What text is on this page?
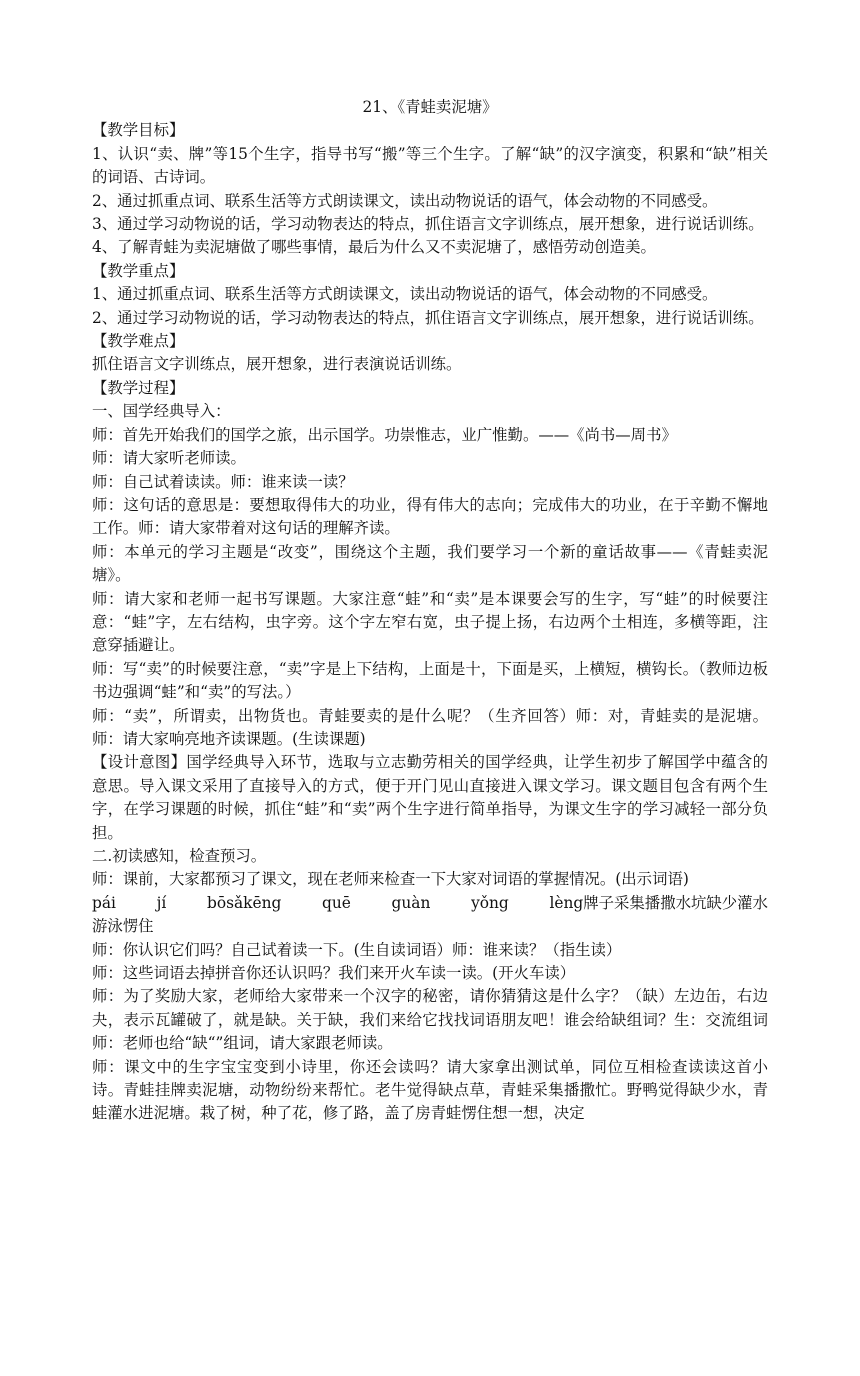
21、《青蛙卖泥塘》

【教学目标】

1、认识“卖、牌”等15个生字，指导书写“搬”等三个生字。了解“缺”的汉字演变，积累和“缺”相关的词语、古诗词。

2、通过抓重点词、联系生活等方式朗读课文，读出动物说话的语气，体会动物的不同感受。

3、通过学习动物说的话，学习动物表达的特点，抓住语言文字训练点，展开想象，进行说话训练。

4、了解青蛙为卖泥塘做了哪些事情，最后为什么又不卖泥塘了，感悟劳动创造美。

【教学重点】

1、通过抓重点词、联系生活等方式朗读课文，读出动物说话的语气，体会动物的不同感受。

2、通过学习动物说的话，学习动物表达的特点，抓住语言文字训练点，展开想象，进行说话训练。

【教学难点】

抓住语言文字训练点，展开想象，进行表演说话训练。

【教学过程】

一、国学经典导入：

师：首先开始我们的国学之旅，出示国学。功崇惟志，业广惟勤。——《尚书—周书》

师：请大家听老师读。

师：自己试着读读。师：谁来读一读？

师：这句话的意思是：要想取得伟大的功业，得有伟大的志向；完成伟大的功业，在于辛勤不懈地工作。师：请大家带着对这句话的理解齐读。

师：本单元的学习主题是“改变”，围绕这个主题，我们要学习一个新的童话故事——《青蛙卖泥塘》。

师：请大家和老师一起书写课题。大家注意“蛙”和“卖”是本课要会写的生字，写“蛙”的时候要注意：“蛙”字，左右结构，虫字旁。这个字左窄右宽，虫子提上扬，右边两个土相连，多横等距，注意穿插避让。

师：写“卖”的时候要注意，“卖”字是上下结构，上面是十，下面是买，上横短，横钩长。（教师边板书边强调“蛙”和“卖”的写法。）

师：“卖”，所谓卖，出物货也。青蛙要卖的是什么呢？（生齐回答）师：对，青蛙卖的是泥塘。师：请大家响亮地齐读课题。(生读课题)

【设计意图】国学经典导入环节，选取与立志勤劳相关的国学经典，让学生初步了解国学中蕴含的意思。导入课文采用了直接导入的方式，便于开门见山直接进入课文学习。课文题目包含有两个生字，在学习课题的时候，抓住“蛙”和“卖”两个生字进行简单指导，为课文生字的学习减轻一部分负担。

二.初读感知，检查预习。

师：课前，大家都预习了课文，现在老师来检查一下大家对词语的掌握情况。(出示词语)

pái	jí	bōsǎkēng	quē	guàn	yǒng	lèng牌子采集播撒水坑缺少灌水

游泳愣住

师：你认识它们吗？自己试着读一下。(生自读词语）师：谁来读？（指生读）

师：这些词语去掉拼音你还认识吗？我们来开火车读一读。(开火车读）

师：为了奖励大家，老师给大家带来一个汉字的秘密，请你猜猜这是什么字？（缺）左边缶，右边夬，表示瓦罐破了，就是缺。关于缺，我们来给它找找词语朋友吧！谁会给缺组词？生：交流组词师：老师也给“缺“”组词，请大家跟老师读。

师：课文中的生字宝宝变到小诗里，你还会读吗？请大家拿出测试单，同位互相检查读读这首小诗。青蛙挂牌卖泥塘，动物纷纷来帮忙。老牛觉得缺点草，青蛙采集播撒忙。野鸭觉得缺少水，青蛙灌水进泥塘。栽了树，种了花，修了路，盖了房青蛙愣住想一想，决定
